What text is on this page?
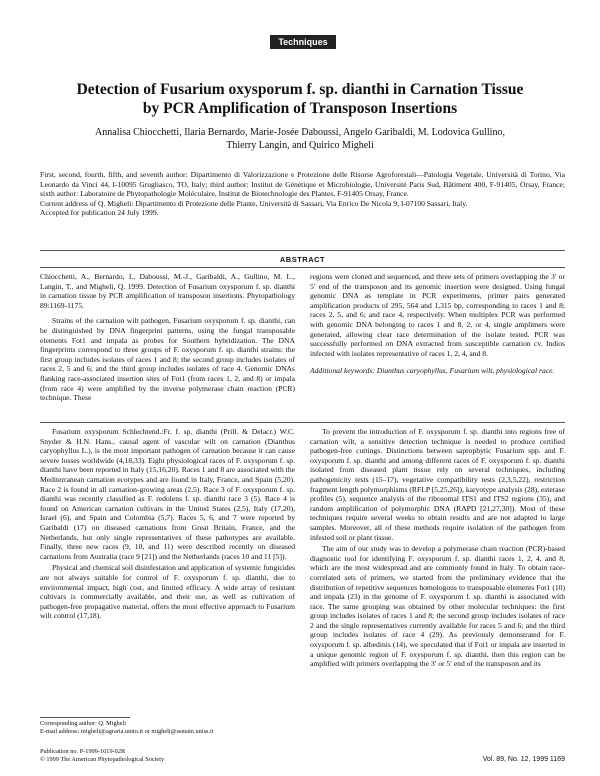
Techniques
Detection of Fusarium oxysporum f. sp. dianthi in Carnation Tissue
by PCR Amplification of Transposon Insertions
Annalisa Chiocchetti, Ilaria Bernardo, Marie-Josée Daboussi, Angelo Garibaldi, M. Lodovica Gullino,
Thierry Langin, and Quirico Migheli
First, second, fourth, fifth, and seventh author: Dipartimento di Valorizzazione e Protezione delle Risorse Agroforestali—Patologia Vegetale, Università di Torino, Via Leonardo da Vinci 44, I-10095 Grugliasco, TO, Italy; third author: Institut de Génétique et Microbiologie, Université Paris Sud, Bâtiment 400, F-91405, Orsay, France; sixth author: Laboratoire de Phytopathologie Moléculaire, Institut de Biotechnologie des Plantes, F-91405 Orsay, France.
Current address of Q. Migheli: Dipartimento di Protezione delle Piante, Università di Sassari, Via Enrico De Nicola 9, I-07100 Sassari, Italy.
Accepted for publication 24 July 1999.
ABSTRACT

Chiocchetti, A., Bernardo, I., Daboussi, M.-J., Garibaldi, A., Gullino, M. L., Langin, T., and Migheli, Q. 1999. Detection of Fusarium oxysporum f. sp. dianthi in carnation tissue by PCR amplification of transposon insertions. Phytopathology 89:1169-1175.

Strains of the carnation wilt pathogen, Fusarium oxysporum f. sp. dianthi, can be distinguished by DNA fingerprint patterns, using the fungal transposable elements Fot1 and impala as probes for Southern hybridization. The DNA fingerprints correspond to three groups of F. oxysporum f. sp. dianthi strains: the first group includes isolates of races 1 and 8; the second group includes isolates of races 2, 5 and 6; and the third group includes isolates of race 4. Genomic DNAs flanking race-associated insertion sites of Fot1 (from races 1, 2, and 8) or impala (from race 4) were amplified by the inverse polymerase chain reaction (PCR) technique. These

regions were cloned and sequenced, and three sets of primers overlapping the 3′ or 5′ end of the transposon and its genomic insertion were designed. Using fungal genomic DNA as template in PCR experiments, primer pairs generated amplification products of 295, 564 and 1,315 bp, corresponding to races 1 and 8; races 2, 5, and 6; and race 4, respectively. When multiplex PCR was performed with genomic DNA belonging to races 1 and 8, 2, or 4, single amplimers were generated, allowing clear race determination of the isolate tested. PCR was successfully performed on DNA extracted from susceptible carnation cv. Indios infected with isolates representative of races 1, 2, 4, and 8.

Additional keywords: Dianthus caryophyllus, Fusarium wilt, physiological race.

Fusarium oxysporum Schlechtend.:Fr. f. sp. dianthi (Prill. & Delacr.) W.C. Snyder & H.N. Hans., causal agent of vascular wilt on carnation (Dianthus caryophyllus L.), is the most important pathogen of carnation because it can cause severe losses worldwide (4,18,33). Eight physiological races of F. oxysporum f. sp. dianthi have been reported in Italy (15,16,20). Races 1 and 8 are associated with the Mediterranean carnation ecotypes and are found in Italy, France, and Spain (5,20). Race 2 is found in all carnation-growing areas (2,5). Race 3 of F. oxysporum f. sp. dianthi was recently classified as F. redolens f. sp. dianthi race 3 (5). Race 4 is found on American carnation cultivars in the United States (2,5), Italy (17,20), Israel (6), and Spain and Colombia (5,7). Races 5, 6, and 7 were reported by Garibaldi (17) on diseased carnations from Great Britain, France, and the Netherlands, but only single representatives of these pathotypes are available. Finally, three new races (9, 10, and 11) were described recently on diseased carnations from Australia (race 9 [21]) and the Netherlands (races 10 and 11 [5]).

Physical and chemical soil disinfestation and application of systemic fungicides are not always suitable for control of F. oxysporum f. sp. dianthi, due to environmental impact, high cost, and limited efficacy. A wide array of resistant cultivars is commercially available, and their use, as well as cultivation of pathogen-free propagative material, offers the most effective approach to Fusarium wilt control (17,18).

To prevent the introduction of F. oxysporum f. sp. dianthi into regions free of carnation wilt, a sensitive detection technique is needed to produce certified pathogen-free cuttings. Distinctions between saprophytic Fusarium spp. and F. oxysporum f. sp. dianthi and among different races of F. oxysporum f. sp. dianthi isolated from diseased plant tissue rely on several techniques, including pathogenicity tests (15–17), vegetative compatibility tests (2,3,5,22), restriction fragment length polymorphisms (RFLP [5,25,26]), karyotype analysis (28), esterase profiles (5), sequence analysis of the ribosomal ITS1 and ITS2 regions (35), and random amplification of polymorphic DNA (RAPD [21,27,30]). Most of these techniques require several weeks to obtain results and are not adapted to large samples. Moreover, all of these methods require isolation of the pathogen from infested soil or plant tissue.

The aim of our study was to develop a polymerase chain reaction (PCR)-based diagnostic tool for identifying F. oxysporum f. sp. dianthi races 1, 2, 4, and 8, which are the most widespread and are commonly found in Italy. To obtain race-correlated sets of primers, we started from the preliminary evidence that the distribution of repetitive sequences homologous to transposable elements Fot1 (10) and impala (23) in the genome of F. oxysporum f. sp. dianthi is associated with race. The same grouping was obtained by other molecular techniques: the first group includes isolates of races 1 and 8; the second group includes isolates of race 2 and the single representatives currently available for races 5 and 6; and the third group includes isolates of race 4 (29). As previously demonstrated for F. oxysporum f. sp. albedinis (14), we speculated that if Fot1 or impala are inserted in a unique genomic region of F. oxysporum f. sp. dianthi, then this region can be amplified with primers overlapping the 3′ or 5′ end of the transposon and its

Corresponding author: Q. Migheli
E-mail address: migheli@agraria.unito.it or migheli@ssmain.uniss.it
Publication no. P-1999-1019-02R
© 1999 The American Phytopathological Society	Vol. 89, No. 12, 1999 1169
